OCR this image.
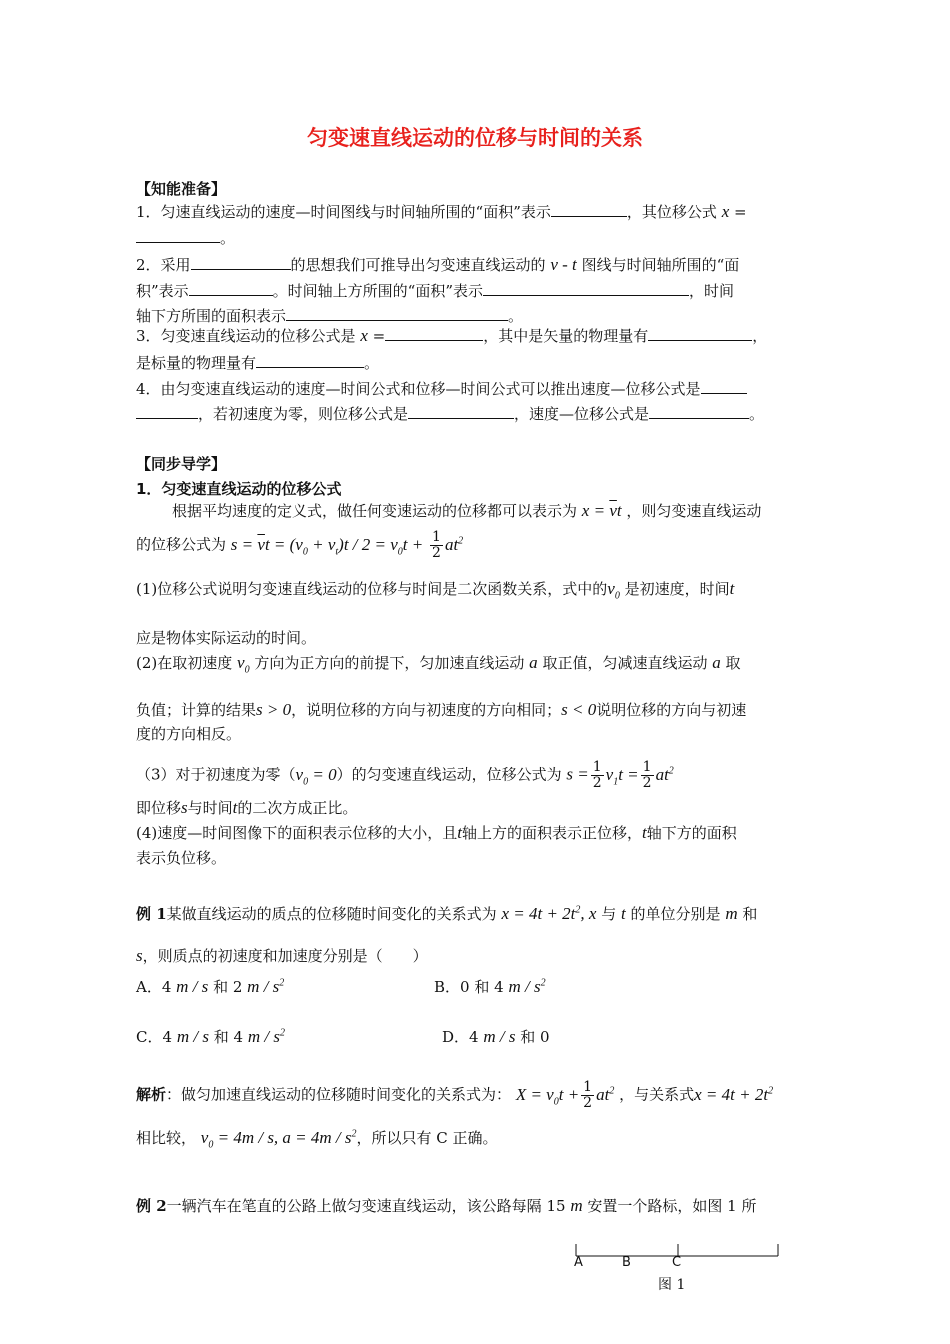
匀变速直线运动的位移与时间的关系
【知能准备】
1．匀速直线运动的速度—时间图线与时间轴所围的“面积”表示	，其位移公式 x =
。
2．采用	的思想我们可推导出匀变速直线运动的 v - t 图线与时间轴所围的“面
积”表示	。时间轴上方所围的“面积”表示	，时间
轴下方所围的面积表示	。
3．匀变速直线运动的位移公式是 x =	，其中是矢量的物理量有	，
是标量的物理量有	。
4．由匀变速直线运动的速度—时间公式和位移—时间公式可以推出速度—位移公式是
，若初速度为零，则位移公式是	，速度—位移公式是	。
【同步导学】
1．匀变速直线运动的位移公式
根据平均速度的定义式，做任何变速运动的位移都可以表示为 $x = \overline{v}t$ ，则匀变速直线运动
的位移公式为 $s = \overline{v}t = (v_0 + v_t)t / 2 = v_0t + \frac{1}{2} at^2$
(1)位移公式说明匀变速直线运动的位移与时间是二次函数关系，式中的$v_0$ 是初速度，时间t
应是物体实际运动的时间。
(2)在取初速度 $v_0$ 方向为正方向的前提下，匀加速直线运动 a 取正值，匀减速直线运动 a 取
负值；计算的结果s > 0，说明位移的方向与初速度的方向相同；s < 0说明位移的方向与初速
度的方向相反。
（3）对于初速度为零$(v_0 = 0)$的匀变速直线运动，位移公式为 $s = \frac{1}{2} v_1t = \frac{1}{2} at^2$
即位移s与时间t的二次方成正比。
(4)速度—时间图像下的面积表示位移的大小，且t轴上方的面积表示正位移，t轴下方的面积
表示负位移。
例 1某做直线运动的质点的位移随时间变化的关系式为 $x = 4t + 2t^2$, x 与 t 的单位分别是 m 和
s，则质点的初速度和加速度分别是（　　）
A．4 m / s 和 2 m / $s^2$	B．0 和 4 m / $s^2$
C．4 m / s 和 4 m / $s^2$	D．4 m / s 和 0
解析：做匀加速直线运动的位移随时间变化的关系式为： $X = v_0t + \frac{1}{2} at^2$ ，与关系式$x = 4t + 2t^2$
相比较， $v_0 = 4m / s$, $a = 4m / s^2$，所以只有 C 正确。
例 2一辆汽车在笔直的公路上做匀变速直线运动，该公路每隔 15 m 安置一个路标，如图 1 所
A	B	C
图 1
